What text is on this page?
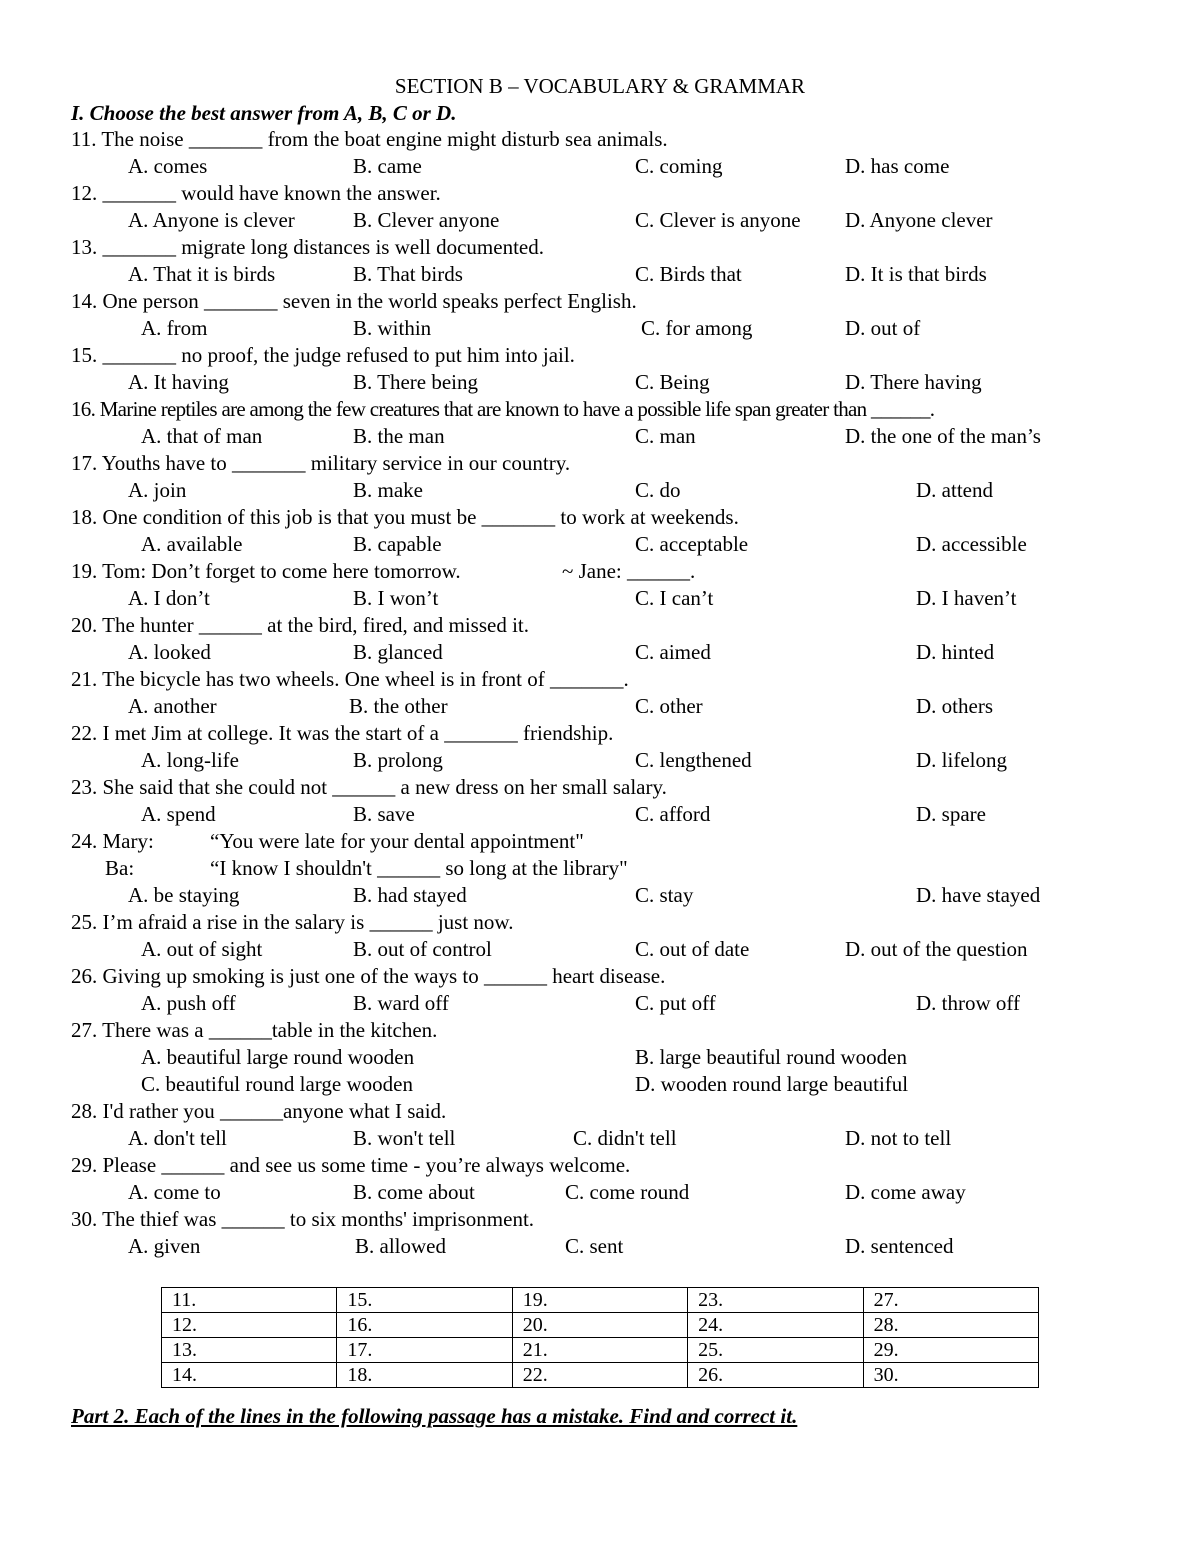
SECTION B – VOCABULARY & GRAMMAR
I. Choose the best answer from A, B, C or D.
11. The noise _______ from the boat engine might disturb sea animals.
A. comes	B. came	C. coming	D. has come
12. _______ would have known the answer.
A. Anyone is clever	B. Clever anyone	C. Clever is anyone D. Anyone clever
13. _______ migrate long distances is well documented.
A. That it is birds	B. That birds	C. Birds that	D. It is that birds
14. One person _______ seven in the world speaks perfect English.
A. from	B. within	C. for among	D. out of
15. _______ no proof, the judge refused to put him into jail.
A. It having	B. There being	C. Being	D. There having
16. Marine reptiles are among the few creatures that are known to have a possible life span greater than ______.
A. that of man	B. the man	C. man	D. the one of the man’s
17. Youths have to _______ military service in our country.
A. join	B. make	C. do	D. attend
18. One condition of this job is that you must be _______ to work at weekends.
A. available	B. capable	C. acceptable	D. accessible
19. Tom: Don’t forget to come here tomorrow.	~ Jane: ______.
A. I don’t	B. I won’t	C. I can’t	D. I haven’t
20. The hunter ______ at the bird, fired, and missed it.
A. looked	B. glanced	C. aimed	D. hinted
21. The bicycle has two wheels. One wheel is in front of _______.
A. another	B. the other	C. other	D. others
22. I met Jim at college. It was the start of a _______ friendship.
A. long-life	B. prolong	C. lengthened	D. lifelong
23. She said that she could not ______ a new dress on her small salary.
A. spend	B. save	C. afford	D. spare
24. Mary:	“You were late for your dental appointment"
Ba:	“I know I shouldn't ______ so long at the library"
A. be staying	B. had stayed	C. stay	D. have stayed
25. I’m afraid a rise in the salary is ______ just now.
A. out of sight	B. out of control	C. out of date	D. out of the question
26. Giving up smoking is just one of the ways to ______ heart disease.
A. push off	B. ward off	C. put off	D. throw off
27. There was a ______table in the kitchen.
A. beautiful large round wooden	B. large beautiful round wooden
C. beautiful round large wooden	D. wooden round large beautiful
28. I'd rather you ______anyone what I said.
A. don't tell	B. won't tell	C. didn't tell	D. not to tell
29. Please ______ and see us some time - you’re always welcome.
A. come to	B. come about	C. come round	D. come away
30. The thief was ______ to six months' imprisonment.
A. given	B. allowed	C. sent	D. sentenced
11.	15.	19.	23.	27.
12.	16.	20.	24.	28.
13.	17.	21.	25.	29.
14.	18.	22.	26.	30.
Part 2. Each of the lines in the following passage has a mistake. Find and correct it.
